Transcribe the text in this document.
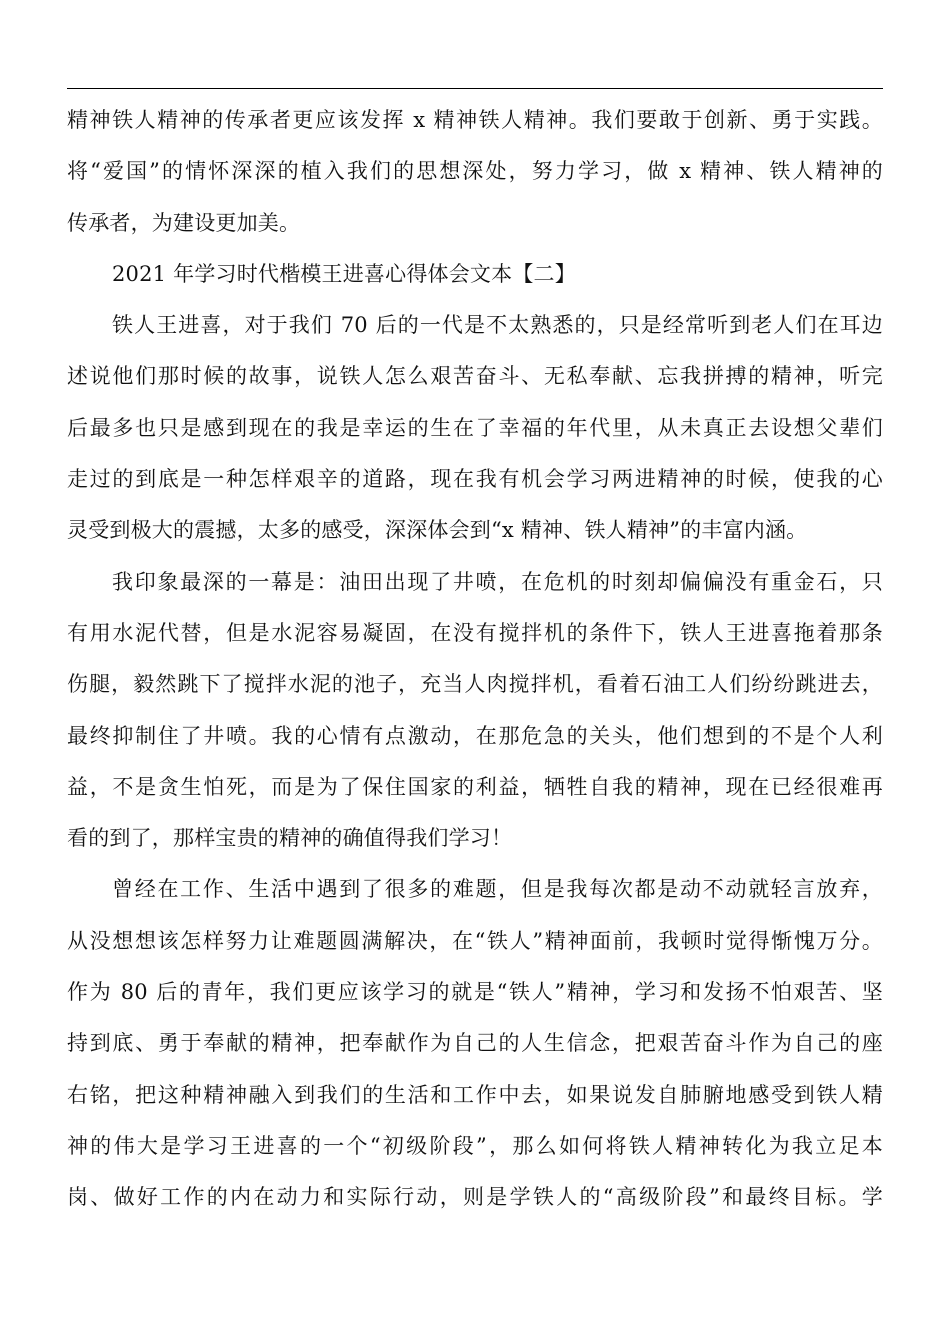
精神铁人精神的传承者更应该发挥 x 精神铁人精神。我们要敢于创新、勇于实践。
将“爱国”的情怀深深的植入我们的思想深处，努力学习，做 x 精神、铁人精神的
传承者，为建设更加美。
2021 年学习时代楷模王进喜心得体会文本【二】
铁人王进喜，对于我们 70 后的一代是不太熟悉的，只是经常听到老人们在耳边
述说他们那时候的故事，说铁人怎么艰苦奋斗、无私奉献、忘我拼搏的精神，听完
后最多也只是感到现在的我是幸运的生在了幸福的年代里，从未真正去设想父辈们
走过的到底是一种怎样艰辛的道路，现在我有机会学习两进精神的时候，使我的心
灵受到极大的震撼，太多的感受，深深体会到“x 精神、铁人精神”的丰富内涵。
我印象最深的一幕是：油田出现了井喷，在危机的时刻却偏偏没有重金石，只
有用水泥代替，但是水泥容易凝固，在没有搅拌机的条件下，铁人王进喜拖着那条
伤腿，毅然跳下了搅拌水泥的池子，充当人肉搅拌机，看着石油工人们纷纷跳进去，
最终抑制住了井喷。我的心情有点激动，在那危急的关头，他们想到的不是个人利
益，不是贪生怕死，而是为了保住国家的利益，牺牲自我的精神，现在已经很难再
看的到了，那样宝贵的精神的确值得我们学习！
曾经在工作、生活中遇到了很多的难题，但是我每次都是动不动就轻言放弃，
从没想想该怎样努力让难题圆满解决，在“铁人”精神面前，我顿时觉得惭愧万分。
作为 80 后的青年，我们更应该学习的就是“铁人”精神，学习和发扬不怕艰苦、坚
持到底、勇于奉献的精神，把奉献作为自己的人生信念，把艰苦奋斗作为自己的座
右铭，把这种精神融入到我们的生活和工作中去，如果说发自肺腑地感受到铁人精
神的伟大是学习王进喜的一个“初级阶段”，那么如何将铁人精神转化为我立足本
岗、做好工作的内在动力和实际行动，则是学铁人的“高级阶段”和最终目标。学
